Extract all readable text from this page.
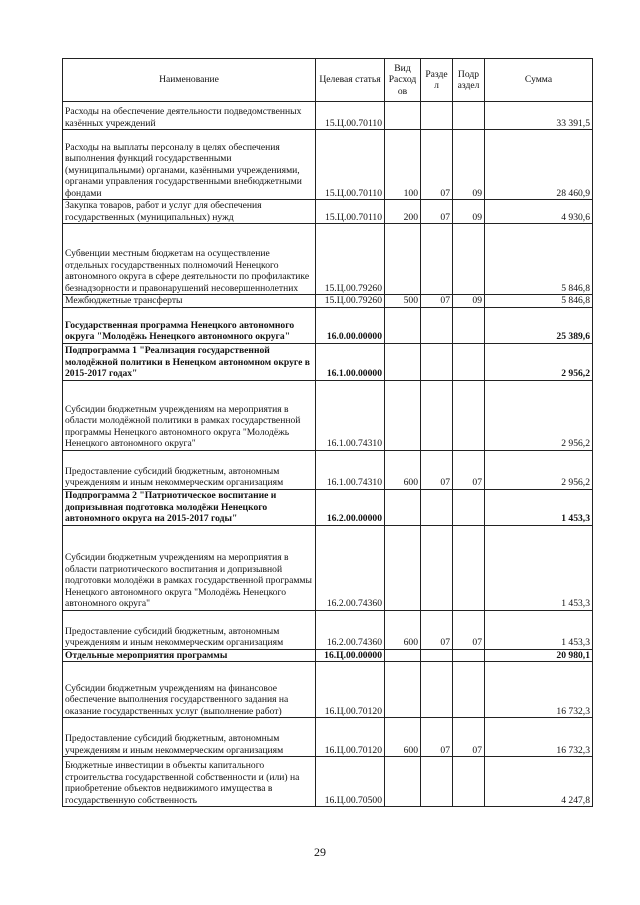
Наименование	Целевая статья	Вид Расход ов	Разде л	Подр аздел	Сумма
Расходы на обеспечение деятельности подведомственных казённых учреждений	15.Ц.00.70110				33 391,5
Расходы на выплаты персоналу в целях обеспечения выполнения функций государственными (муниципальными) органами, казёнными учреждениями, органами управления государственными внебюджетными фондами	15.Ц.00.70110	100	07	09	28 460,9
Закупка товаров, работ и услуг для обеспечения государственных (муниципальных) нужд	15.Ц.00.70110	200	07	09	4 930,6
Субвенции местным бюджетам на осуществление отдельных государственных полномочий Ненецкого автономного округа в сфере деятельности по профилактике безнадзорности и правонарушений несовершеннолетних	15.Ц.00.79260				5 846,8
Межбюджетные трансферты	15.Ц.00.79260	500	07	09	5 846,8
Государственная программа Ненецкого автономного округа "Молодёжь Ненецкого автономного округа"	16.0.00.00000				25 389,6
Подпрограмма 1 "Реализация государственной молодёжной политики в Ненецком автономном округе в 2015-2017 годах"	16.1.00.00000				2 956,2
Субсидии бюджетным учреждениям на мероприятия в области молодёжной политики в рамках государственной программы Ненецкого автономного округа "Молодёжь Ненецкого автономного округа"	16.1.00.74310				2 956,2
Предоставление субсидий бюджетным, автономным учреждениям и иным некоммерческим организациям	16.1.00.74310	600	07	07	2 956,2
Подпрограмма 2 "Патриотическое воспитание и допризывная подготовка молодёжи Ненецкого автономного округа на 2015-2017 годы"	16.2.00.00000				1 453,3
Субсидии бюджетным учреждениям на мероприятия в области патриотического воспитания и допризывной подготовки молодёжи в рамках государственной программы Ненецкого автономного округа "Молодёжь Ненецкого автономного округа"	16.2.00.74360				1 453,3
Предоставление субсидий бюджетным, автономным учреждениям и иным некоммерческим организациям	16.2.00.74360	600	07	07	1 453,3
Отдельные мероприятия программы	16.Ц.00.00000				20 980,1
Субсидии бюджетным учреждениям на финансовое обеспечение выполнения государственного задания на оказание государственных услуг (выполнение работ)	16.Ц.00.70120				16 732,3
Предоставление субсидий бюджетным, автономным учреждениям и иным некоммерческим организациям	16.Ц.00.70120	600	07	07	16 732,3
Бюджетные инвестиции в объекты капитального строительства государственной собственности и (или) на приобретение объектов недвижимого имущества в государственную собственность	16.Ц.00.70500				4 247,8
29
